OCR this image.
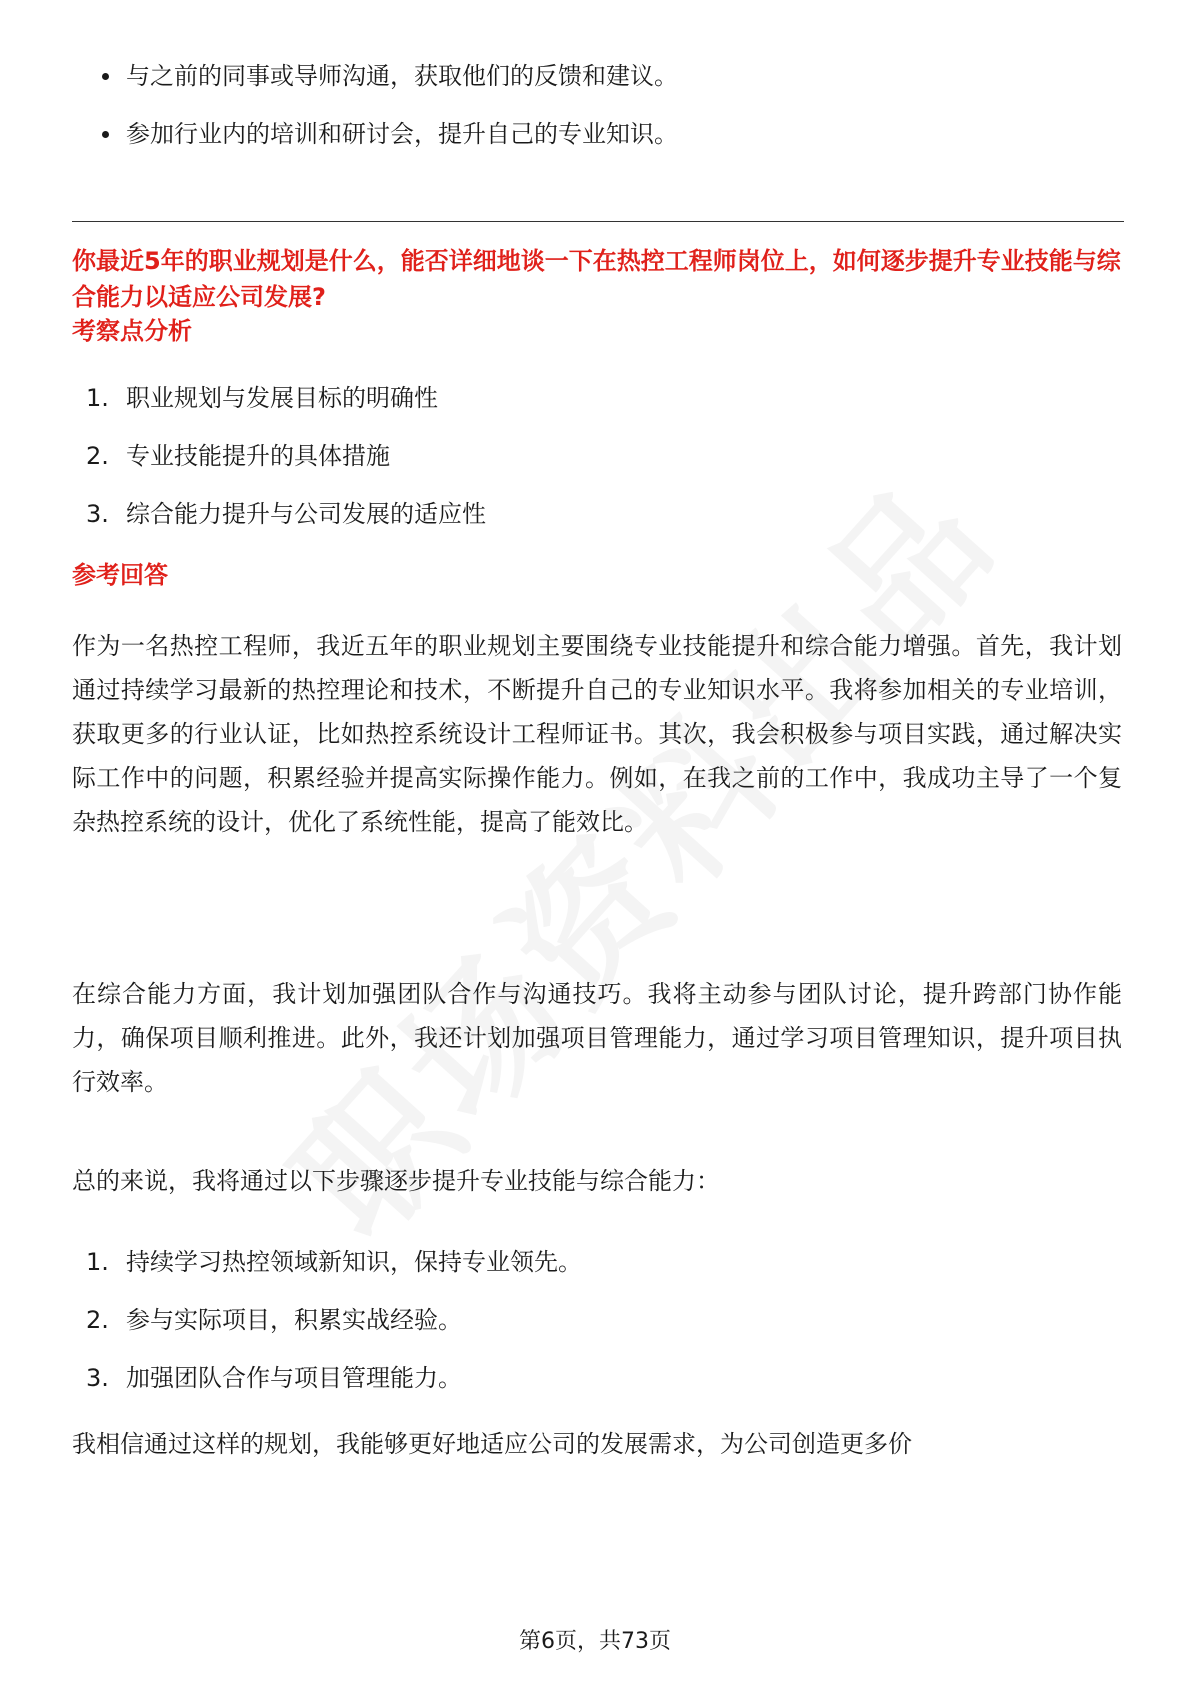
与之前的同事或导师沟通，获取他们的反馈和建议。
参加行业内的培训和研讨会，提升自己的专业知识。
你最近5年的职业规划是什么，能否详细地谈一下在热控工程师岗位上，如何逐步提升专业技能与综合能力以适应公司发展?
考察点分析
1. 职业规划与发展目标的明确性
2. 专业技能提升的具体措施
3. 综合能力提升与公司发展的适应性
参考回答

作为一名热控工程师，我近五年的职业规划主要围绕专业技能提升和综合能力增强。首先，我计划通过持续学习最新的热控理论和技术，不断提升自己的专业知识水平。我将参加相关的专业培训，获取更多的行业认证，比如热控系统设计工程师证书。其次，我会积极参与项目实践，通过解决实际工作中的问题，积累经验并提高实际操作能力。例如，在我之前的工作中，我成功主导了一个复杂热控系统的设计，优化了系统性能，提高了能效比。

在综合能力方面，我计划加强团队合作与沟通技巧。我将主动参与团队讨论，提升跨部门协作能力，确保项目顺利推进。此外，我还计划加强项目管理能力，通过学习项目管理知识，提升项目执行效率。

总的来说，我将通过以下步骤逐步提升专业技能与综合能力：

1. 持续学习热控领域新知识，保持专业领先。
2. 参与实际项目，积累实战经验。
3. 加强团队合作与项目管理能力。

我相信通过这样的规划，我能够更好地适应公司的发展需求，为公司创造更多价

第6页，共73页
